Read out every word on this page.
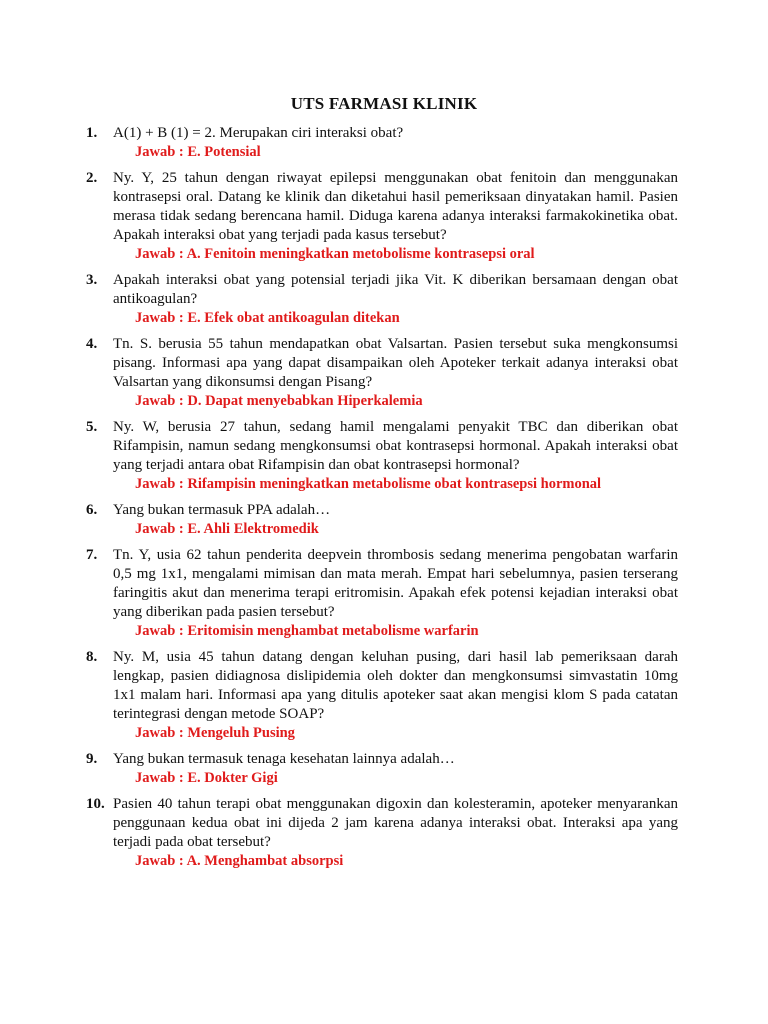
UTS FARMASI KLINIK
1. A(1) + B (1) = 2. Merupakan ciri interaksi obat?
Jawab : E. Potensial
2. Ny. Y, 25 tahun dengan riwayat epilepsi menggunakan obat fenitoin dan menggunakan kontrasepsi oral. Datang ke klinik dan diketahui hasil pemeriksaan dinyatakan hamil. Pasien merasa tidak sedang berencana hamil. Diduga karena adanya interaksi farmakokinetika obat. Apakah interaksi obat yang terjadi pada kasus tersebut?
Jawab : A. Fenitoin meningkatkan metobolisme kontrasepsi oral
3. Apakah interaksi obat yang potensial terjadi jika Vit. K diberikan bersamaan dengan obat antikoagulan?
Jawab : E. Efek obat antikoagulan ditekan
4. Tn. S. berusia 55 tahun mendapatkan obat Valsartan. Pasien tersebut suka mengkonsumsi pisang. Informasi apa yang dapat disampaikan oleh Apoteker terkait adanya interaksi obat Valsartan yang dikonsumsi dengan Pisang?
Jawab : D. Dapat menyebabkan Hiperkalemia
5. Ny. W, berusia 27 tahun, sedang hamil mengalami penyakit TBC dan diberikan obat Rifampisin, namun sedang mengkonsumsi obat kontrasepsi hormonal. Apakah interaksi obat yang terjadi antara obat Rifampisin dan obat kontrasepsi hormonal?
Jawab : Rifampisin meningkatkan metabolisme obat kontrasepsi hormonal
6. Yang bukan termasuk PPA adalah…
Jawab : E. Ahli Elektromedik
7. Tn. Y, usia 62 tahun penderita deepvein thrombosis sedang menerima pengobatan warfarin 0,5 mg 1x1, mengalami mimisan dan mata merah. Empat hari sebelumnya, pasien terserang faringitis akut dan menerima terapi eritromisin. Apakah efek potensi kejadian interaksi obat yang diberikan pada pasien tersebut?
Jawab : Eritomisin menghambat metabolisme warfarin
8. Ny. M, usia 45 tahun datang dengan keluhan pusing, dari hasil lab pemeriksaan darah lengkap, pasien didiagnosa dislipidemia oleh dokter dan mengkonsumsi simvastatin 10mg 1x1 malam hari. Informasi apa yang ditulis apoteker saat akan mengisi klom S pada catatan terintegrasi dengan metode SOAP?
Jawab : Mengeluh Pusing
9. Yang bukan termasuk tenaga kesehatan lainnya adalah…
Jawab : E. Dokter Gigi
10. Pasien 40 tahun terapi obat menggunakan digoxin dan kolesteramin, apoteker menyarankan penggunaan kedua obat ini dijeda 2 jam karena adanya interaksi obat. Interaksi apa yang terjadi pada obat tersebut?
Jawab : A. Menghambat absorpsi
